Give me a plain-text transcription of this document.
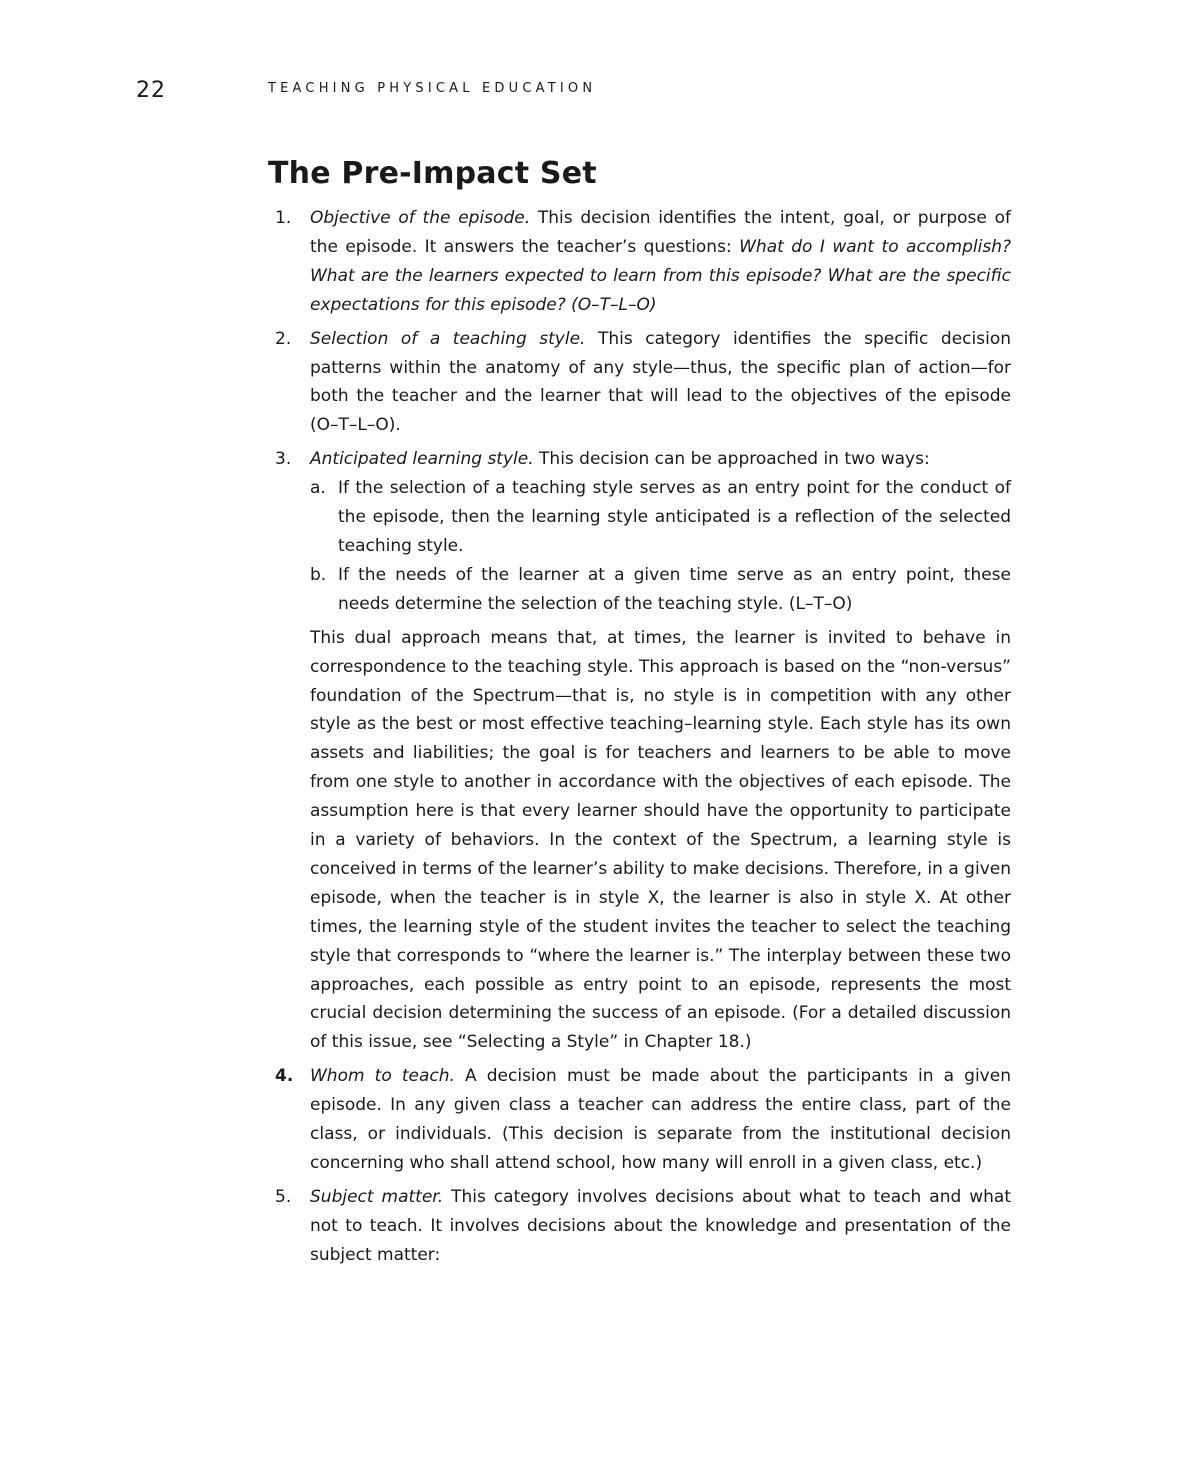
22	TEACHING PHYSICAL EDUCATION
The Pre-Impact Set
1. Objective of the episode. This decision identifies the intent, goal, or purpose of the episode. It answers the teacher’s questions: What do I want to accomplish? What are the learners expected to learn from this episode? What are the specific expectations for this episode? (O–T–L–O)
2. Selection of a teaching style. This category identifies the specific decision patterns within the anatomy of any style—thus, the specific plan of action—for both the teacher and the learner that will lead to the objectives of the episode (O–T–L–O).
3. Anticipated learning style. This decision can be approached in two ways:
a. If the selection of a teaching style serves as an entry point for the conduct of the episode, then the learning style anticipated is a reflection of the selected teaching style.
b. If the needs of the learner at a given time serve as an entry point, these needs determine the selection of the teaching style. (L–T–O)
This dual approach means that, at times, the learner is invited to behave in correspondence to the teaching style. This approach is based on the “non-versus” foundation of the Spectrum—that is, no style is in competition with any other style as the best or most effective teaching–learning style. Each style has its own assets and liabilities; the goal is for teachers and learners to be able to move from one style to another in accordance with the objectives of each episode. The assumption here is that every learner should have the opportunity to participate in a variety of behaviors. In the context of the Spectrum, a learning style is conceived in terms of the learner’s ability to make decisions. Therefore, in a given episode, when the teacher is in style X, the learner is also in style X. At other times, the learning style of the student invites the teacher to select the teaching style that corresponds to “where the learner is.” The interplay between these two approaches, each possible as entry point to an episode, represents the most crucial decision determining the success of an episode. (For a detailed discussion of this issue, see “Selecting a Style” in Chapter 18.)
4. Whom to teach. A decision must be made about the participants in a given episode. In any given class a teacher can address the entire class, part of the class, or individuals. (This decision is separate from the institutional decision concerning who shall attend school, how many will enroll in a given class, etc.)
5. Subject matter. This category involves decisions about what to teach and what not to teach. It involves decisions about the knowledge and presentation of the subject matter:
